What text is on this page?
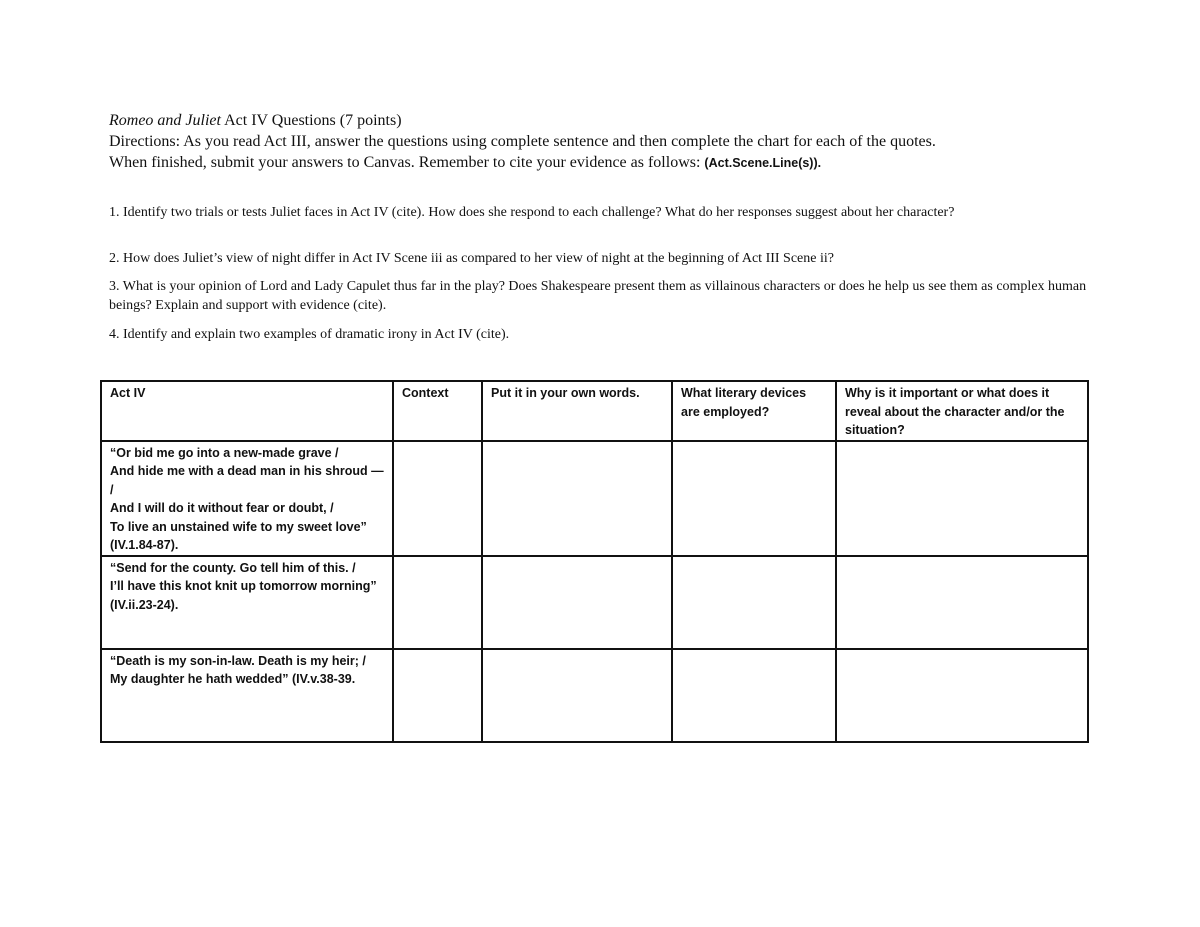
Romeo and Juliet Act IV Questions (7 points)
Directions: As you read Act III, answer the questions using complete sentence and then complete the chart for each of the quotes.
When finished, submit your answers to Canvas. Remember to cite your evidence as follows: (Act.Scene.Line(s)).

1. Identify two trials or tests Juliet faces in Act IV (cite). How does she respond to each challenge? What do her responses suggest about her character?

2. How does Juliet’s view of night differ in Act IV Scene iii as compared to her view of night at the beginning of Act III Scene ii?

3. What is your opinion of Lord and Lady Capulet thus far in the play? Does Shakespeare present them as villainous characters or does he help us see them as complex human beings? Explain and support with evidence (cite).

4. Identify and explain two examples of dramatic irony in Act IV (cite).

Act IV	Context	Put it in your own words.	What literary devices are employed?	Why is it important or what does it reveal about the character and/or the situation?

“Or bid me go into a new-made grave /
And hide me with a dead man in his shroud — /
And I will do it without fear or doubt, /
To live an unstained wife to my sweet love”
(IV.1.84-87).				

“Send for the county. Go tell him of this. /
I’ll have this knot knit up tomorrow morning” (IV.ii.23-24).				

“Death is my son-in-law. Death is my heir; /
My daughter he hath wedded” (IV.v.38-39.				
